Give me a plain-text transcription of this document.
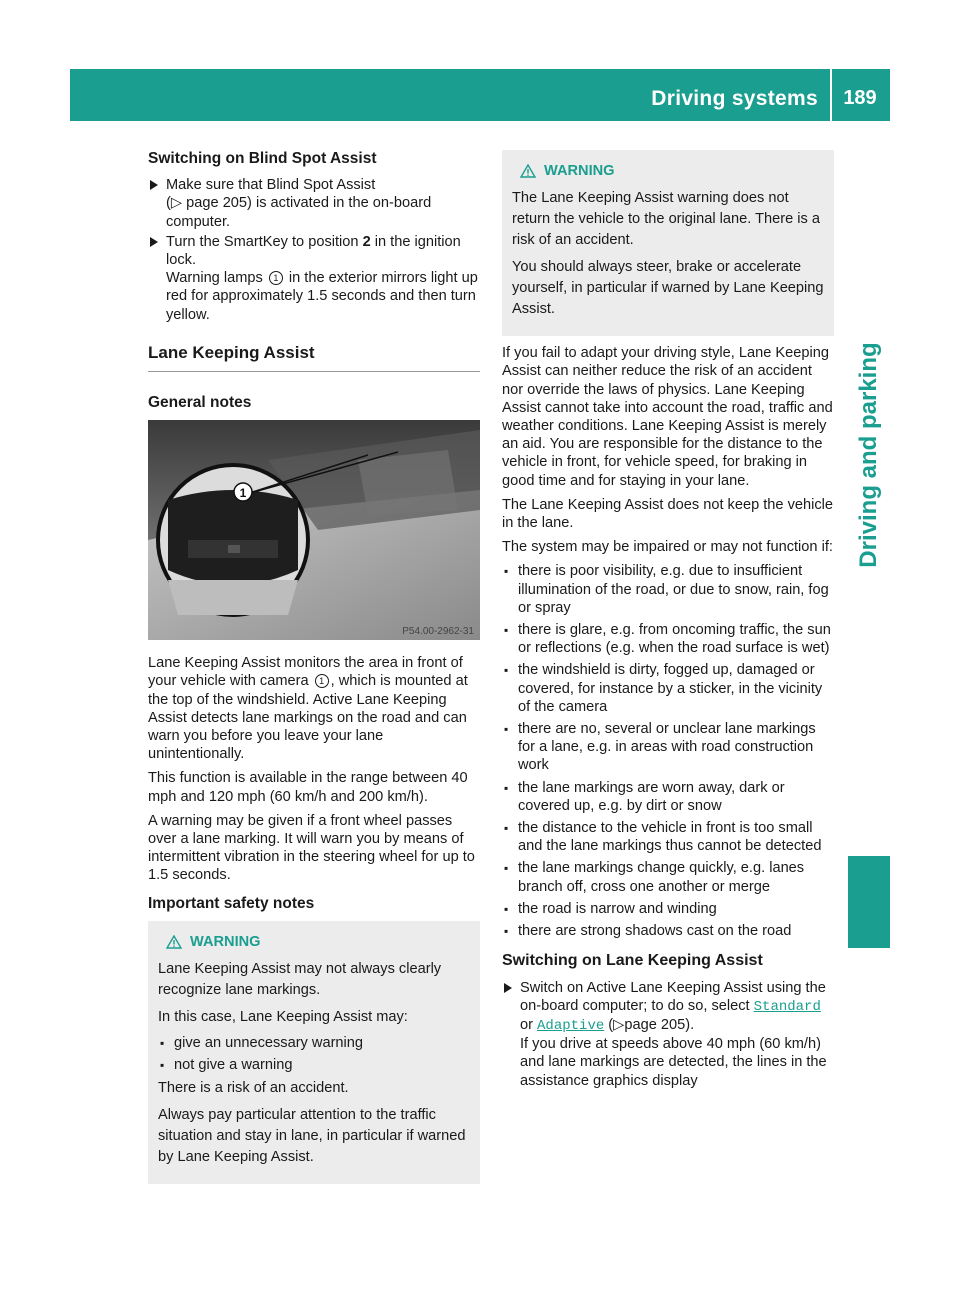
Driving systems	189
Driving and parking
Switching on Blind Spot Assist
Make sure that Blind Spot Assist
(▷ page 205) is activated in the on-board computer.
Turn the SmartKey to position 2 in the ignition lock.
Warning lamps 1 in the exterior mirrors light up red for approximately 1.5 seconds and then turn yellow.
Lane Keeping Assist
General notes
1
P54.00-2962-31

Lane Keeping Assist monitors the area in front of your vehicle with camera 1 , which is mounted at the top of the windshield. Active Lane Keeping Assist detects lane markings on the road and can warn you before you leave your lane unintentionally.

This function is available in the range between 40 mph and 120 mph (60 km/h and 200 km/h).

A warning may be given if a front wheel passes over a lane marking. It will warn you by means of intermittent vibration in the steering wheel for up to 1.5 seconds.

Important safety notes
WARNING

Lane Keeping Assist may not always clearly recognize lane markings.

In this case, Lane Keeping Assist may:

▪ give an unnecessary warning
▪ not give a warning

There is a risk of an accident.

Always pay particular attention to the traffic situation and stay in lane, in particular if warned by Lane Keeping Assist.

WARNING

The Lane Keeping Assist warning does not return the vehicle to the original lane. There is a risk of an accident.

You should always steer, brake or accelerate yourself, in particular if warned by Lane Keeping Assist.

If you fail to adapt your driving style, Lane Keeping Assist can neither reduce the risk of an accident nor override the laws of physics. Lane Keeping Assist cannot take into account the road, traffic and weather conditions. Lane Keeping Assist is merely an aid. You are responsible for the distance to the vehicle in front, for vehicle speed, for braking in good time and for staying in your lane.

The Lane Keeping Assist does not keep the vehicle in the lane.

The system may be impaired or may not function if:

▪ there is poor visibility, e.g. due to insufficient illumination of the road, or due to snow, rain, fog or spray
▪ there is glare, e.g. from oncoming traffic, the sun or reflections (e.g. when the road surface is wet)
▪ the windshield is dirty, fogged up, damaged or covered, for instance by a sticker, in the vicinity of the camera
▪ there are no, several or unclear lane markings for a lane, e.g. in areas with road construction work
▪ the lane markings are worn away, dark or covered up, e.g. by dirt or snow
▪ the distance to the vehicle in front is too small and the lane markings thus cannot be detected
▪ the lane markings change quickly, e.g. lanes branch off, cross one another or merge
▪ the road is narrow and winding
▪ there are strong shadows cast on the road
Switching on Lane Keeping Assist
Switch on Active Lane Keeping Assist using the on-board computer; to do so, select Standard or Adaptive (▷page 205).
If you drive at speeds above 40 mph (60 km/h) and lane markings are detected, the lines in the assistance graphics display
